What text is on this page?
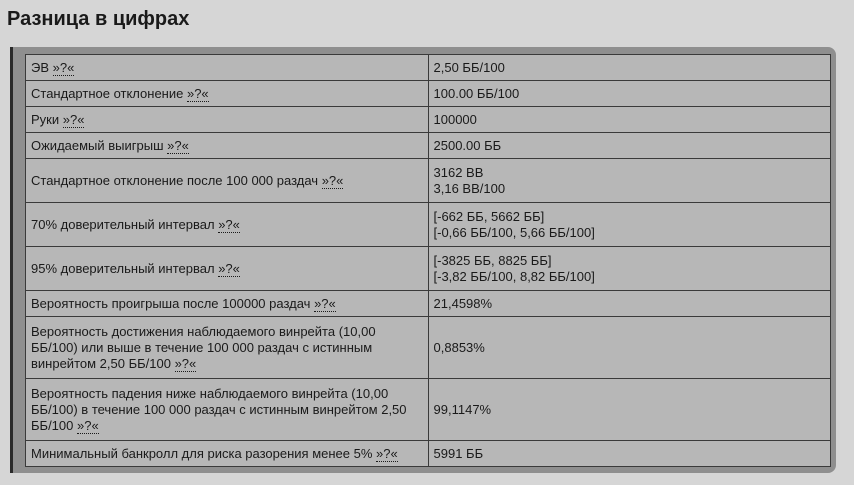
Разница в цифрах
ЭВ »?«	2,50 ББ/100

Стандартное отклонение »?«	100.00 ББ/100

Руки »?«	100000

Ожидаемый выигрыш »?«	2500.00 ББ

Стандартное отклонение после 100 000 раздач »?«	3162 BB
3,16 BB/100

70% доверительный интервал »?«	[-662 ББ, 5662 ББ]
[-0,66 ББ/100, 5,66 ББ/100]

95% доверительный интервал »?«	[-3825 ББ, 8825 ББ]
[-3,82 ББ/100, 8,82 ББ/100]

Вероятность проигрыша после 100000 раздач »?«	21,4598%

Вероятность достижения наблюдаемого винрейта (10,00 ББ/100) или выше в течение 100 000 раздач с истинным винрейтом 2,50 ББ/100 »?«	0,8853%

Вероятность падения ниже наблюдаемого винрейта (10,00 ББ/100) в течение 100 000 раздач с истинным винрейтом 2,50 ББ/100 »?«	99,1147%

Минимальный банкролл для риска разорения менее 5% »?«	5991 ББ
